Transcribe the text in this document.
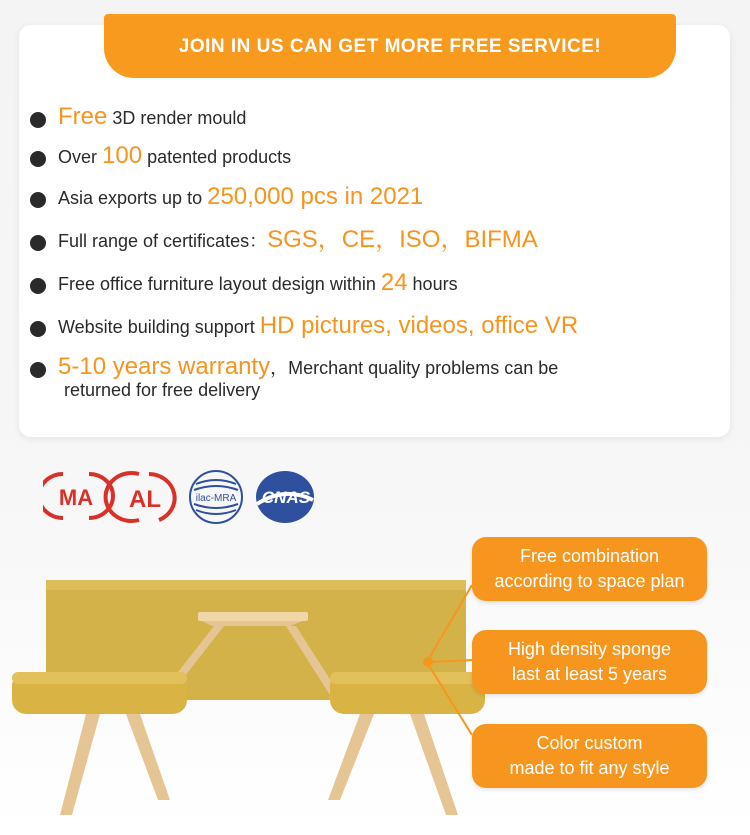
JOIN IN US CAN GET MORE FREE SERVICE!
Free 3D render mould
Over 100 patented products
Asia exports up to 250,000 pcs in 2021
Full range of certificates：SGS，CE，ISO，BIFMA
Free office furniture layout design within 24 hours
Website building support HD pictures, videos, office VR
5-10 years warranty，Merchant quality problems can be
returned for free delivery
MA AL	ilac-MRA CNAS
Free combination
according to space plan
High density sponge
last at least 5 years
Color custom
made to fit any style
